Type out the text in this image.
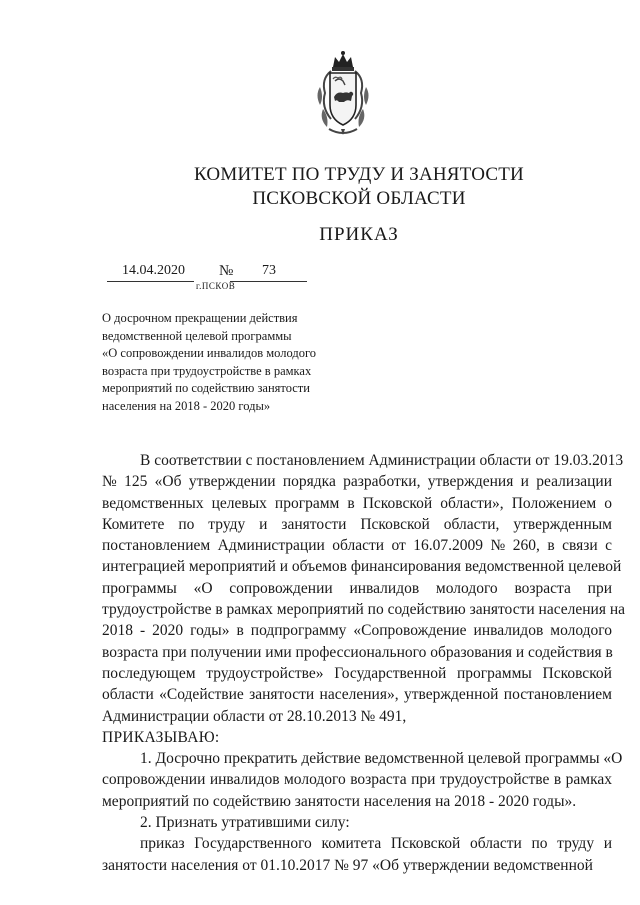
КОМИТЕТ ПО ТРУДУ И ЗАНЯТОСТИ
ПСКОВСКОЙ ОБЛАСТИ
ПРИКАЗ
14.04.2020 № 73
г.ПСКОВ
О досрочном прекращении действия
ведомственной целевой программы
«О сопровождении инвалидов молодого
возраста при трудоустройстве в рамках
мероприятий по содействию занятости
населения на 2018 - 2020 годы»
В соответствии с постановлением Администрации области от 19.03.2013
№ 125 «Об утверждении порядка разработки, утверждения и реализации
ведомственных целевых программ в Псковской области», Положением о
Комитете по труду и занятости Псковской области, утвержденным
постановлением Администрации области от 16.07.2009 № 260, в связи с
интеграцией мероприятий и объемов финансирования ведомственной целевой
программы «О сопровождении инвалидов молодого возраста при
трудоустройстве в рамках мероприятий по содействию занятости населения на
2018 - 2020 годы» в подпрограмму «Сопровождение инвалидов молодого
возраста при получении ими профессионального образования и содействия в
последующем трудоустройстве» Государственной программы Псковской
области «Содействие занятости населения», утвержденной постановлением
Администрации области от 28.10.2013 № 491,
ПРИКАЗЫВАЮ:
1. Досрочно прекратить действие ведомственной целевой программы «О
сопровождении инвалидов молодого возраста при трудоустройстве в рамках
мероприятий по содействию занятости населения на 2018 - 2020 годы».
2. Признать утратившими силу:
приказ Государственного комитета Псковской области по труду и
занятости населения от 01.10.2017 № 97 «Об утверждении ведомственной
